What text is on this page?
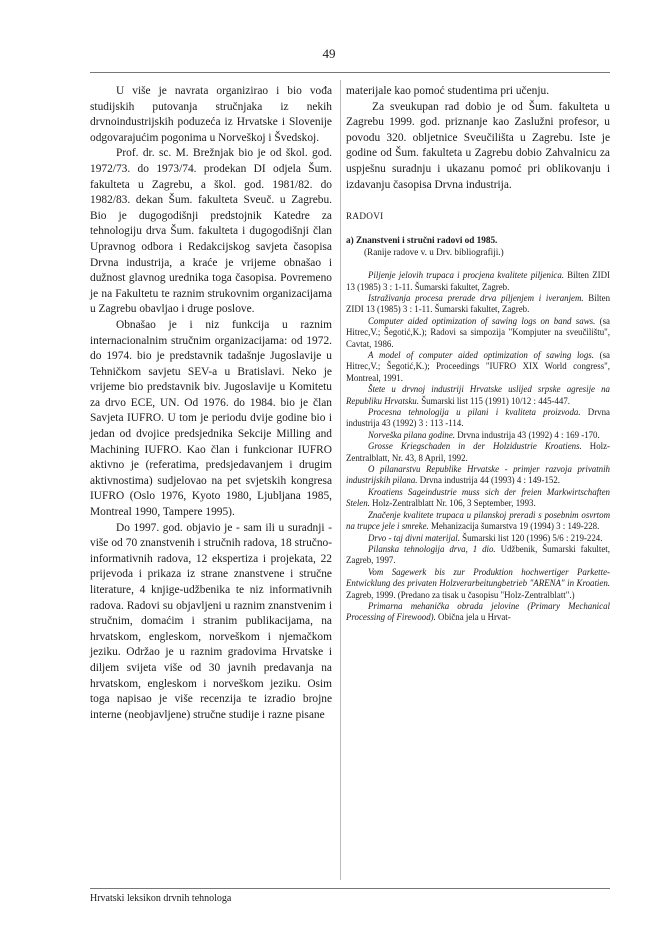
49

U više je navrata organizirao i bio vođa studijskih putovanja stručnjaka iz nekih drvnoindustrijskih poduzeća iz Hrvatske i Slovenije odgovarajućim pogonima u Norveškoj i Švedskoj.

Prof. dr. sc. M. Brežnjak bio je od škol. god. 1972/73. do 1973/74. prodekan DI odjela Šum. fakulteta u Zagrebu, a škol. god. 1981/82. do 1982/83. dekan Šum. fakulteta Sveuč. u Zagrebu. Bio je dugogodišnji predstojnik Katedre za tehnologiju drva Šum. fakulteta i dugogodišnji član Upravnog odbora i Redakcijskog savjeta časopisa Drvna industrija, a kraće je vrijeme obnašao i dužnost glavnog urednika toga časopisa. Povremeno je na Fakultetu te raznim strukovnim organizacijama u Zagrebu obavljao i druge poslove.

Obnašao je i niz funkcija u raznim internacionalnim stručnim organizacijama: od 1972. do 1974. bio je predstavnik tadašnje Jugoslavije u Tehničkom savjetu SEV-a u Bratislavi. Neko je vrijeme bio predstavnik biv. Jugoslavije u Komitetu za drvo ECE, UN. Od 1976. do 1984. bio je član Savjeta IUFRO. U tom je periodu dvije godine bio i jedan od dvojice predsjednika Sekcije Milling and Machining IUFRO. Kao član i funkcionar IUFRO aktivno je (referatima, predsjedavanjem i drugim aktivnostima) sudjelovao na pet svjetskih kongresa IUFRO (Oslo 1976, Kyoto 1980, Ljubljana 1985, Montreal 1990, Tampere 1995).

Do 1997. god. objavio je - sam ili u suradnji - više od 70 znanstvenih i stručnih radova, 18 stručno-informativnih radova, 12 ekspertiza i projekata, 22 prijevoda i prikaza iz strane znanstvene i stručne literature, 4 knjige-udžbenika te niz informativnih radova. Radovi su objavljeni u raznim znanstvenim i stručnim, domaćim i stranim publikacijama, na hrvatskom, engleskom, norveškom i njemačkom jeziku. Održao je u raznim gradovima Hrvatske i diljem svijeta više od 30 javnih predavanja na hrvatskom, engleskom i norveškom jeziku. Osim toga napisao je više recenzija te izradio brojne interne (neobjavljene) stručne studije i razne pisane

materijale kao pomoć studentima pri učenju.

Za sveukupan rad dobio je od Šum. fakulteta u Zagrebu 1999. god. priznanje kao Zaslužni profesor, u povodu 320. obljetnice Sveučilišta u Zagrebu. Iste je godine od Šum. fakulteta u Zagrebu dobio Zahvalnicu za uspješnu suradnju i ukazanu pomoć pri oblikovanju i izdavanju časopisa Drvna industrija.

RADOVI

a) Znanstveni i stručni radovi od 1985.

(Ranije radove v. u Drv. bibliografiji.)

Piljenje jelovih trupaca i procjena kvalitete piljenica. Bilten ZIDI 13 (1985) 3 : 1-11. Šumarski fakultet, Zagreb.

Istraživanja procesa prerade drva piljenjem i iveranjem. Bilten ZIDI 13 (1985) 3 : 1-11. Šumarski fakultet, Zagreb.

Computer aided optimization of sawing logs on band saws. (sa Hitrec,V.; Šegotić,K.); Radovi sa simpozija "Kompjuter na sveučilištu", Cavtat, 1986.

A model of computer aided optimization of sawing logs. (sa Hitrec,V.; Šegotić,K.); Proceedings "IUFRO XIX World congress", Montreal, 1991.

Štete u drvnoj industriji Hrvatske uslijed srpske agresije na Republiku Hrvatsku. Šumarski list 115 (1991) 10/12 : 445-447.

Procesna tehnologija u pilani i kvaliteta proizvoda. Drvna industrija 43 (1992) 3 : 113 -114.

Norveška pilana godine. Drvna industrija 43 (1992) 4 : 169 -170.

Grosse Kriegschaden in der Holzidustrie Kroatiens. Holz-Zentralblatt, Nr. 43, 8 April, 1992.

O pilanarstvu Republike Hrvatske - primjer razvoja privatnih industrijskih pilana. Drvna industrija 44 (1993) 4 : 149-152.

Kroatiens Sageindustrie muss sich der freien Markwirtschaften Stelen. Holz-Zentralblatt Nr. 106, 3 September, 1993.

Značenje kvalitete trupaca u pilanskoj preradi s posebnim osvrtom na trupce jele i smreke. Mehanizacija šumarstva 19 (1994) 3 : 149-228.

Drvo - taj divni materijal. Šumarski list 120 (1996) 5/6 : 219-224.

Pilanska tehnologija drva, 1 dio. Udžbenik, Šumarski fakultet, Zagreb, 1997.

Vom Sagewerk bis zur Produktion hochwertiger Parkette-Entwicklung des privaten Holzverarbeitungbetrieb "ARENA" in Kroatien. Zagreb, 1999. (Predano za tisak u časopisu "Holz-Zentralblatt".)

Primarna mehanička obrada jelovine (Primary Mechanical Processing of Firewood). Obična jela u Hrvat-

Hrvatski leksikon drvnih tehnologa
